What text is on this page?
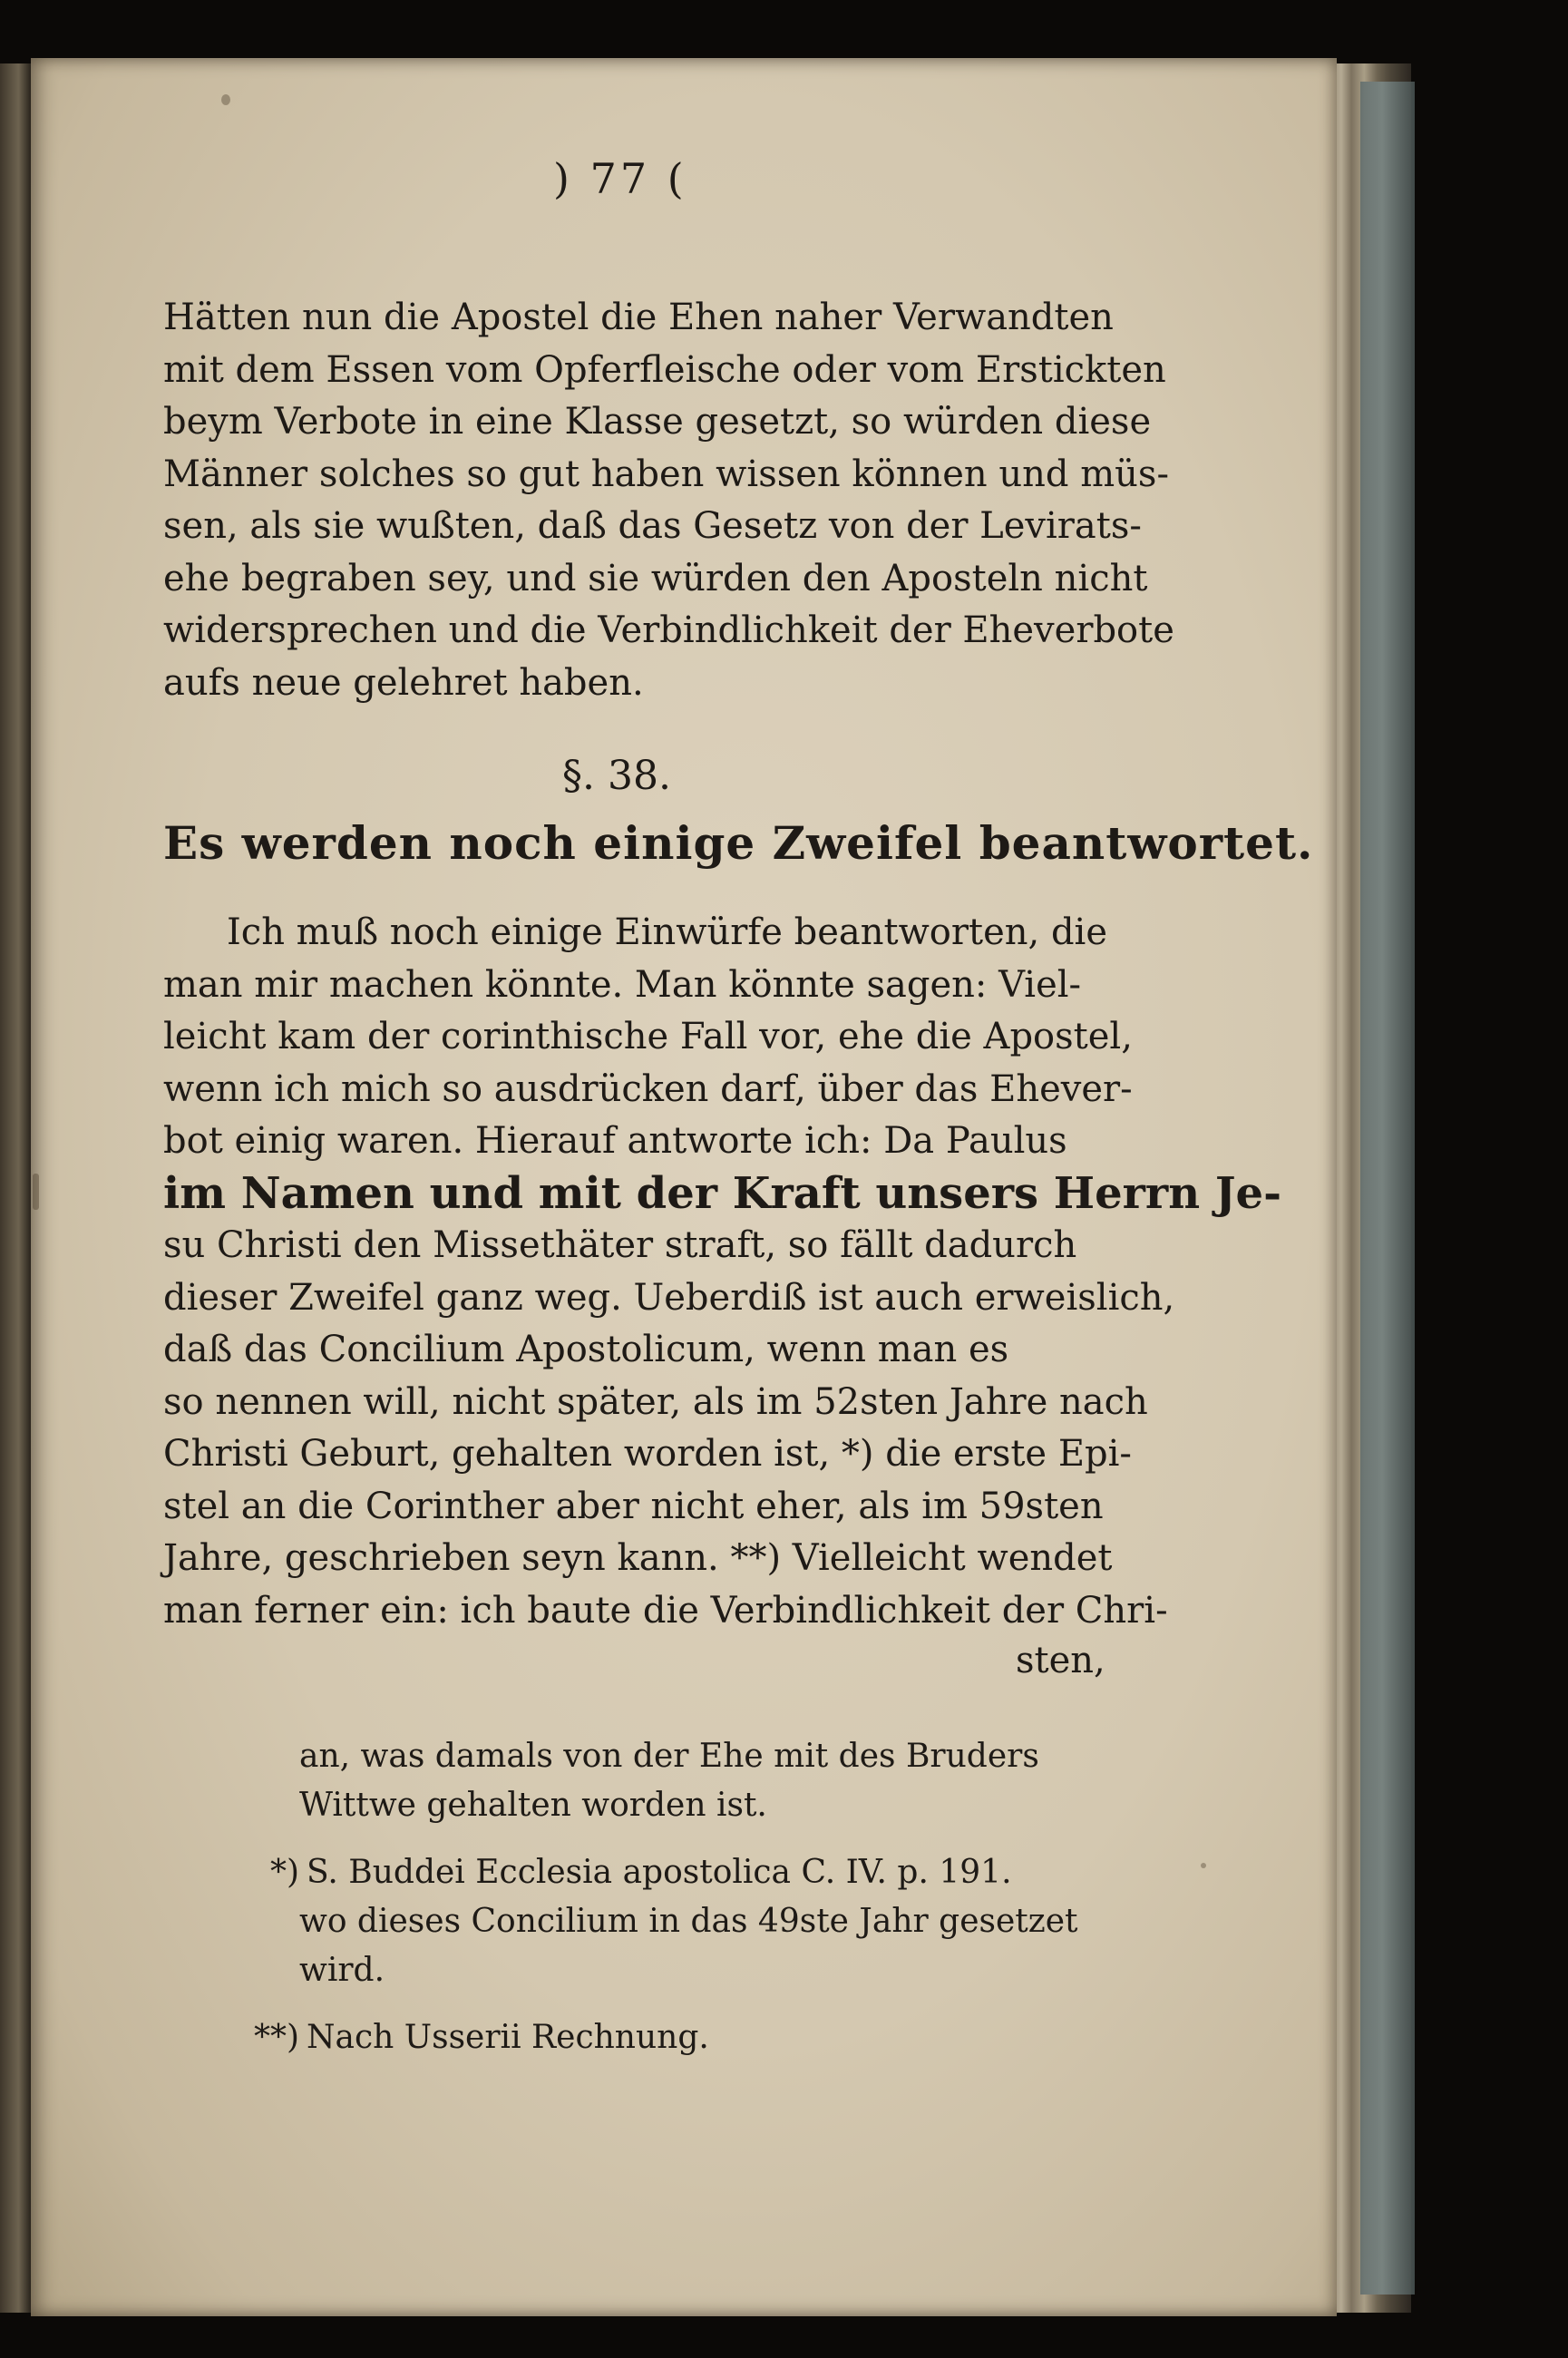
) 77 (
Hätten nun die Apostel die Ehen naher Verwandten
mit dem Essen vom Opferfleische oder vom Erstickten
beym Verbote in eine Klasse gesetzt, so würden diese
Männer solches so gut haben wissen können und müs-
sen, als sie wußten, daß das Gesetz von der Levirats-
ehe begraben sey, und sie würden den Aposteln nicht
widersprechen und die Verbindlichkeit der Eheverbote
aufs neue gelehret haben.
§. 38.
Es werden noch einige Zweifel beantwortet.
Ich muß noch einige Einwürfe beantworten, die
man mir machen könnte. Man könnte sagen: Viel-
leicht kam der corinthische Fall vor, ehe die Apostel,
wenn ich mich so ausdrücken darf, über das Ehever-
bot einig waren. Hierauf antworte ich: Da Paulus
im Namen und mit der Kraft unsers Herrn Je-
su Christi den Missethäter straft, so fällt dadurch
dieser Zweifel ganz weg. Ueberdiß ist auch erweislich,
daß das Concilium Apostolicum, wenn man es
so nennen will, nicht später, als im 52sten Jahre nach
Christi Geburt, gehalten worden ist, *) die erste Epi-
stel an die Corinther aber nicht eher, als im 59sten
Jahre, geschrieben seyn kann. **) Vielleicht wendet
man ferner ein: ich baute die Verbindlichkeit der Chri-
sten,
an, was damals von der Ehe mit des Bruders
Wittwe gehalten worden ist.
*) S. Buddei Ecclesia apostolica C. IV. p. 191.
wo dieses Concilium in das 49ste Jahr gesetzet
wird.
**) Nach Usserii Rechnung.
